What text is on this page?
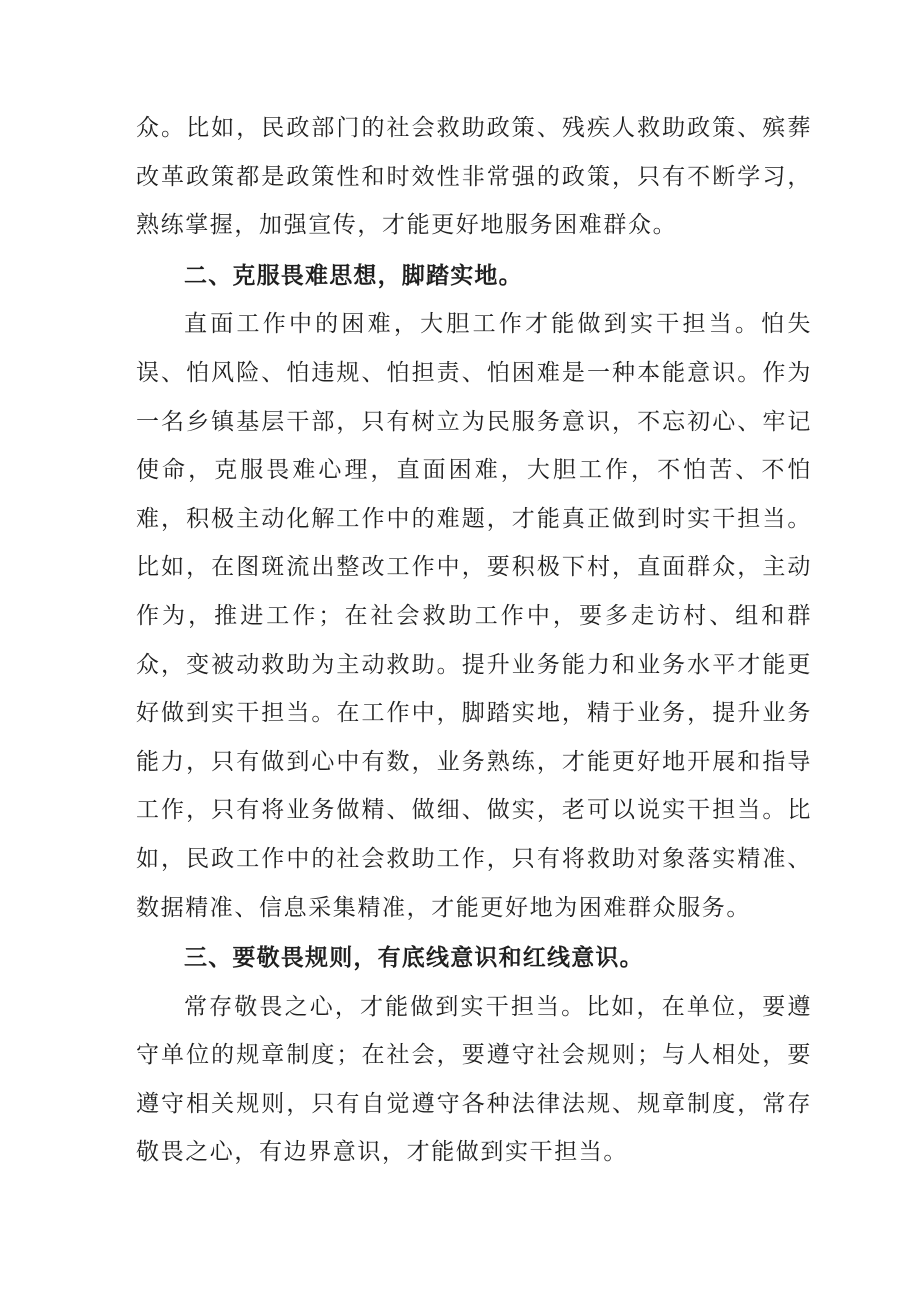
众。比如，民政部门的社会救助政策、残疾人救助政策、殡葬改革政策都是政策性和时效性非常强的政策，只有不断学习，熟练掌握，加强宣传，才能更好地服务困难群众。

二、克服畏难思想，脚踏实地。

直面工作中的困难，大胆工作才能做到实干担当。怕失误、怕风险、怕违规、怕担责、怕困难是一种本能意识。作为一名乡镇基层干部，只有树立为民服务意识，不忘初心、牢记使命，克服畏难心理，直面困难，大胆工作，不怕苦、不怕难，积极主动化解工作中的难题，才能真正做到时实干担当。比如，在图斑流出整改工作中，要积极下村，直面群众，主动作为，推进工作；在社会救助工作中，要多走访村、组和群众，变被动救助为主动救助。提升业务能力和业务水平才能更好做到实干担当。在工作中，脚踏实地，精于业务，提升业务能力，只有做到心中有数，业务熟练，才能更好地开展和指导工作，只有将业务做精、做细、做实，老可以说实干担当。比如，民政工作中的社会救助工作，只有将救助对象落实精准、数据精准、信息采集精准，才能更好地为困难群众服务。

三、要敬畏规则，有底线意识和红线意识。

常存敬畏之心，才能做到实干担当。比如，在单位，要遵守单位的规章制度；在社会，要遵守社会规则；与人相处，要遵守相关规则，只有自觉遵守各种法律法规、规章制度，常存敬畏之心，有边界意识，才能做到实干担当。
